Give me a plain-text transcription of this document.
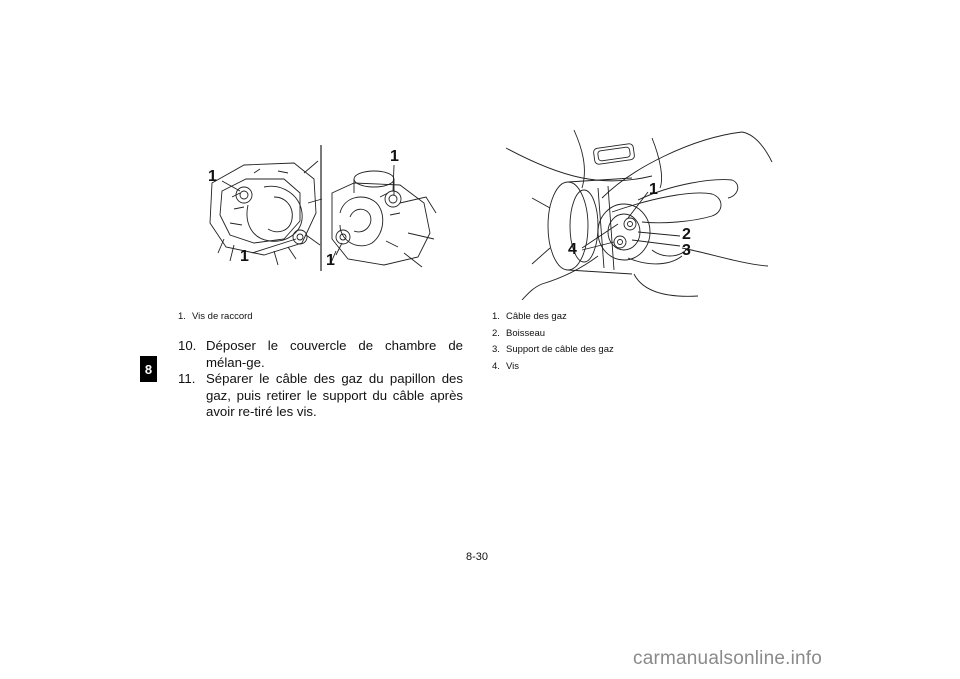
8
1
1
1
1
1. Vis de raccord
10. Déposer le couvercle de chambre de mélan-ge.
11. Séparer le câble des gaz du papillon des gaz, puis retirer le support du câble après avoir re-tiré les vis.
1
2
3
4
1. Câble des gaz
2. Boisseau
3. Support de câble des gaz
4. Vis
8-30
carmanualsonline.info
